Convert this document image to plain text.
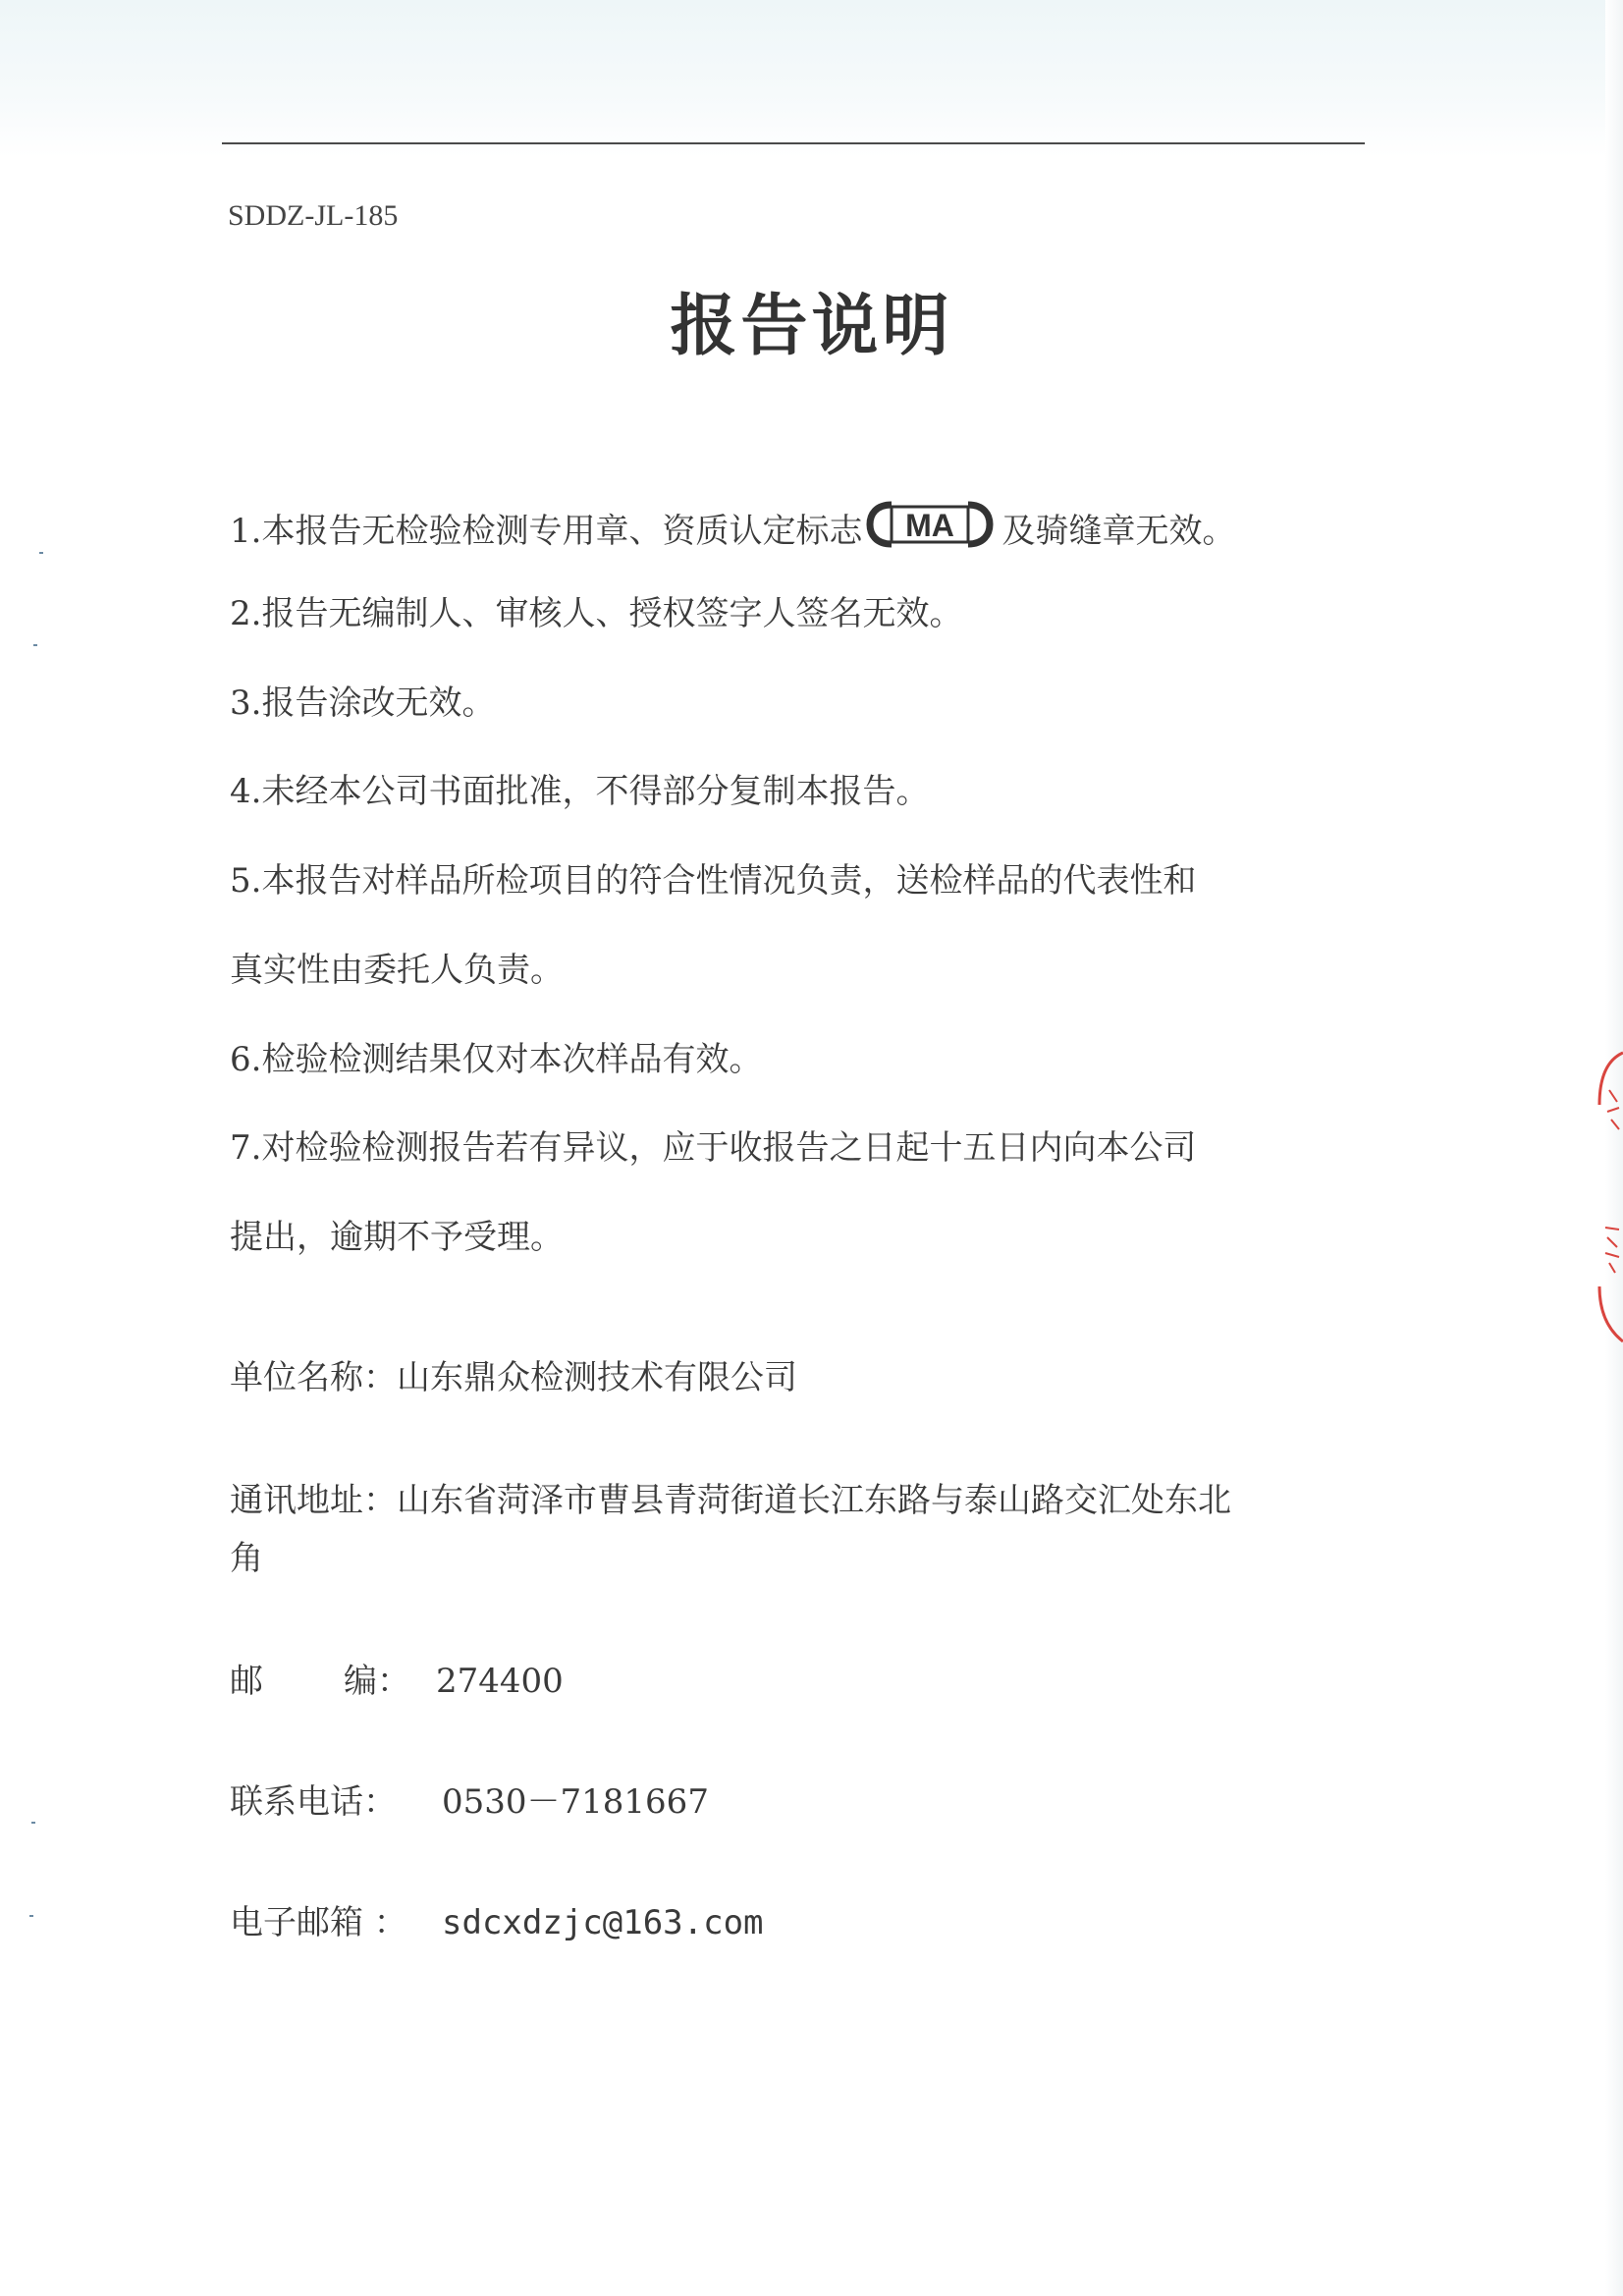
SDDZ-JL-185
报告说明
1.本报告无检验检测专用章、资质认定标志 MA 及骑缝章无效。
2.报告无编制人、审核人、授权签字人签名无效。
3.报告涂改无效。
4.未经本公司书面批准，不得部分复制本报告。
5.本报告对样品所检项目的符合性情况负责，送检样品的代表性和
真实性由委托人负责。
6.检验检测结果仅对本次样品有效。
7.对检验检测报告若有异议，应于收报告之日起十五日内向本公司
提出，逾期不予受理。
单位名称：山东鼎众检测技术有限公司
通讯地址：山东省菏泽市曹县青菏街道长江东路与泰山路交汇处东北
角
邮 编： 274400
联系电话： 0530－7181667
电子邮箱 ： sdcxdzjc@163.com
